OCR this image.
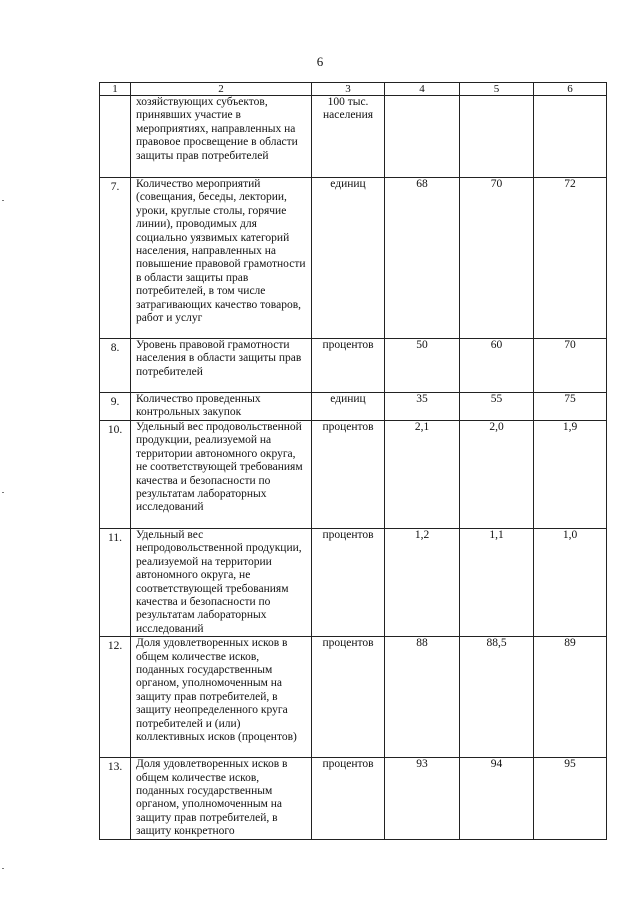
6
1	2	3	4	5	6
	хозяйствующих субъектов, принявших участие в мероприятиях, направленных на правовое просвещение в области защиты прав потребителей	100 тыс. населения			
7.	Количество мероприятий (совещания, беседы, лектории, уроки, круглые столы, горячие линии), проводимых для социально уязвимых категорий населения, направленных на повышение правовой грамотности в области защиты прав потребителей, в том числе затрагивающих качество товаров, работ и услуг	единиц	68	70	72
8.	Уровень правовой грамотности населения в области защиты прав потребителей	процентов	50	60	70
9.	Количество проведенных контрольных закупок	единиц	35	55	75
10.	Удельный вес продовольственной продукции, реализуемой на территории автономного округа, не соответствующей требованиям качества и безопасности по результатам лабораторных исследований	процентов	2,1	2,0	1,9
11.	Удельный вес непродовольственной продукции, реализуемой на территории автономного округа, не соответствующей требованиям качества и безопасности по результатам лабораторных исследований	процентов	1,2	1,1	1,0
12.	Доля удовлетворенных исков в общем количестве исков, поданных государственным органом, уполномоченным на защиту прав потребителей, в защиту неопределенного круга потребителей и (или) коллективных исков (процентов)	процентов	88	88,5	89
13.	Доля удовлетворенных исков в общем количестве исков, поданных государственным органом, уполномоченным на защиту прав потребителей, в защиту конкретного	процентов	93	94	95
